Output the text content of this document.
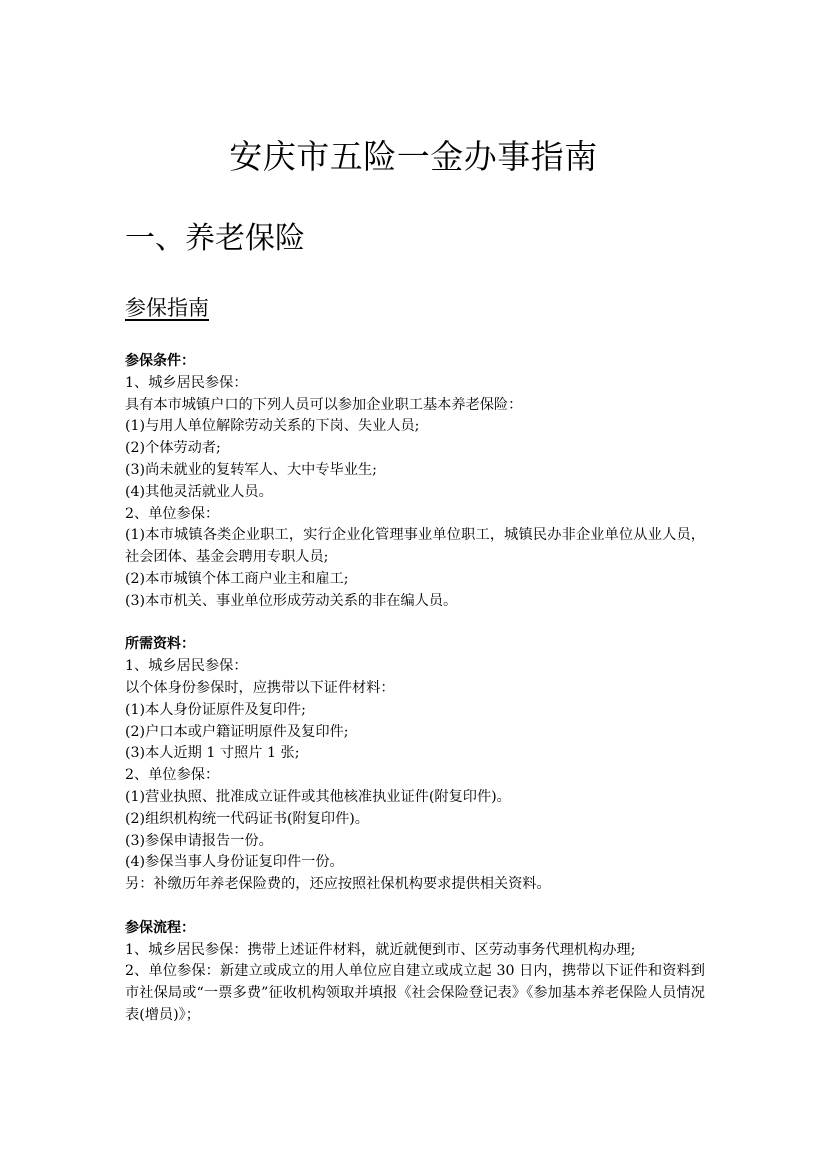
安庆市五险一金办事指南
一、养老保险
参保指南
参保条件：
1、城乡居民参保：
具有本市城镇户口的下列人员可以参加企业职工基本养老保险：
(1)与用人单位解除劳动关系的下岗、失业人员;
(2)个体劳动者;
(3)尚未就业的复转军人、大中专毕业生;
(4)其他灵活就业人员。
2、单位参保：
(1)本市城镇各类企业职工，实行企业化管理事业单位职工，城镇民办非企业单位从业人员，社会团体、基金会聘用专职人员;
(2)本市城镇个体工商户业主和雇工;
(3)本市机关、事业单位形成劳动关系的非在编人员。
所需资料：
1、城乡居民参保：
以个体身份参保时，应携带以下证件材料：
(1)本人身份证原件及复印件;
(2)户口本或户籍证明原件及复印件;
(3)本人近期 1 寸照片 1 张;
2、单位参保：
(1)营业执照、批准成立证件或其他核准执业证件(附复印件)。
(2)组织机构统一代码证书(附复印件)。
(3)参保申请报告一份。
(4)参保当事人身份证复印件一份。
另：补缴历年养老保险费的，还应按照社保机构要求提供相关资料。
参保流程：
1、城乡居民参保：携带上述证件材料，就近就便到市、区劳动事务代理机构办理;
2、单位参保：新建立或成立的用人单位应自建立或成立起 30 日内，携带以下证件和资料到市社保局或“一票多费”征收机构领取并填报《社会保险登记表》《参加基本养老保险人员情况表(增员)》；
